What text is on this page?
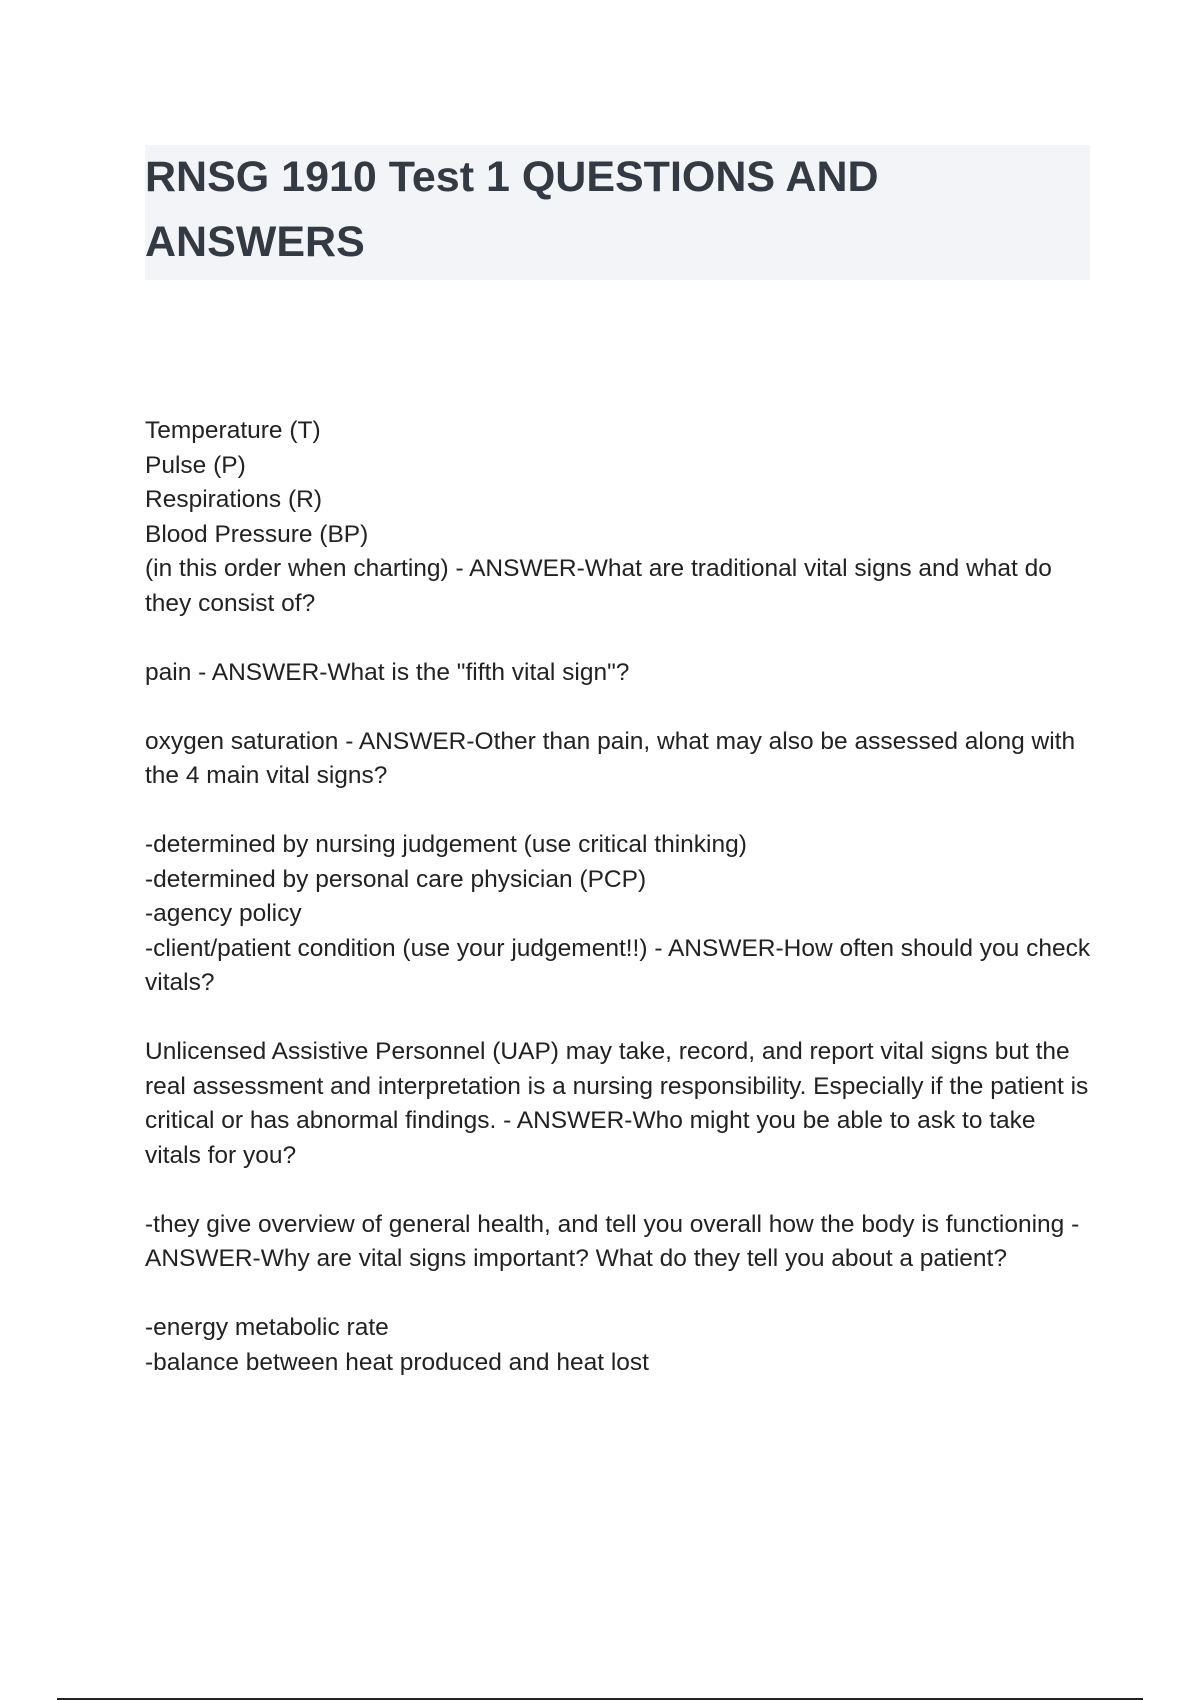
RNSG 1910 Test 1 QUESTIONS AND ANSWERS
Temperature (T)
Pulse (P)
Respirations (R)
Blood Pressure (BP)
(in this order when charting) - ANSWER-What are traditional vital signs and what do they consist of?
pain - ANSWER-What is the "fifth vital sign"?
oxygen saturation - ANSWER-Other than pain, what may also be assessed along with the 4 main vital signs?
-determined by nursing judgement (use critical thinking)
-determined by personal care physician (PCP)
-agency policy
-client/patient condition (use your judgement!!) - ANSWER-How often should you check vitals?
Unlicensed Assistive Personnel (UAP) may take, record, and report vital signs but the real assessment and interpretation is a nursing responsibility. Especially if the patient is critical or has abnormal findings. - ANSWER-Who might you be able to ask to take vitals for you?
-they give overview of general health, and tell you overall how the body is functioning - ANSWER-Why are vital signs important? What do they tell you about a patient?
-energy metabolic rate
-balance between heat produced and heat lost
